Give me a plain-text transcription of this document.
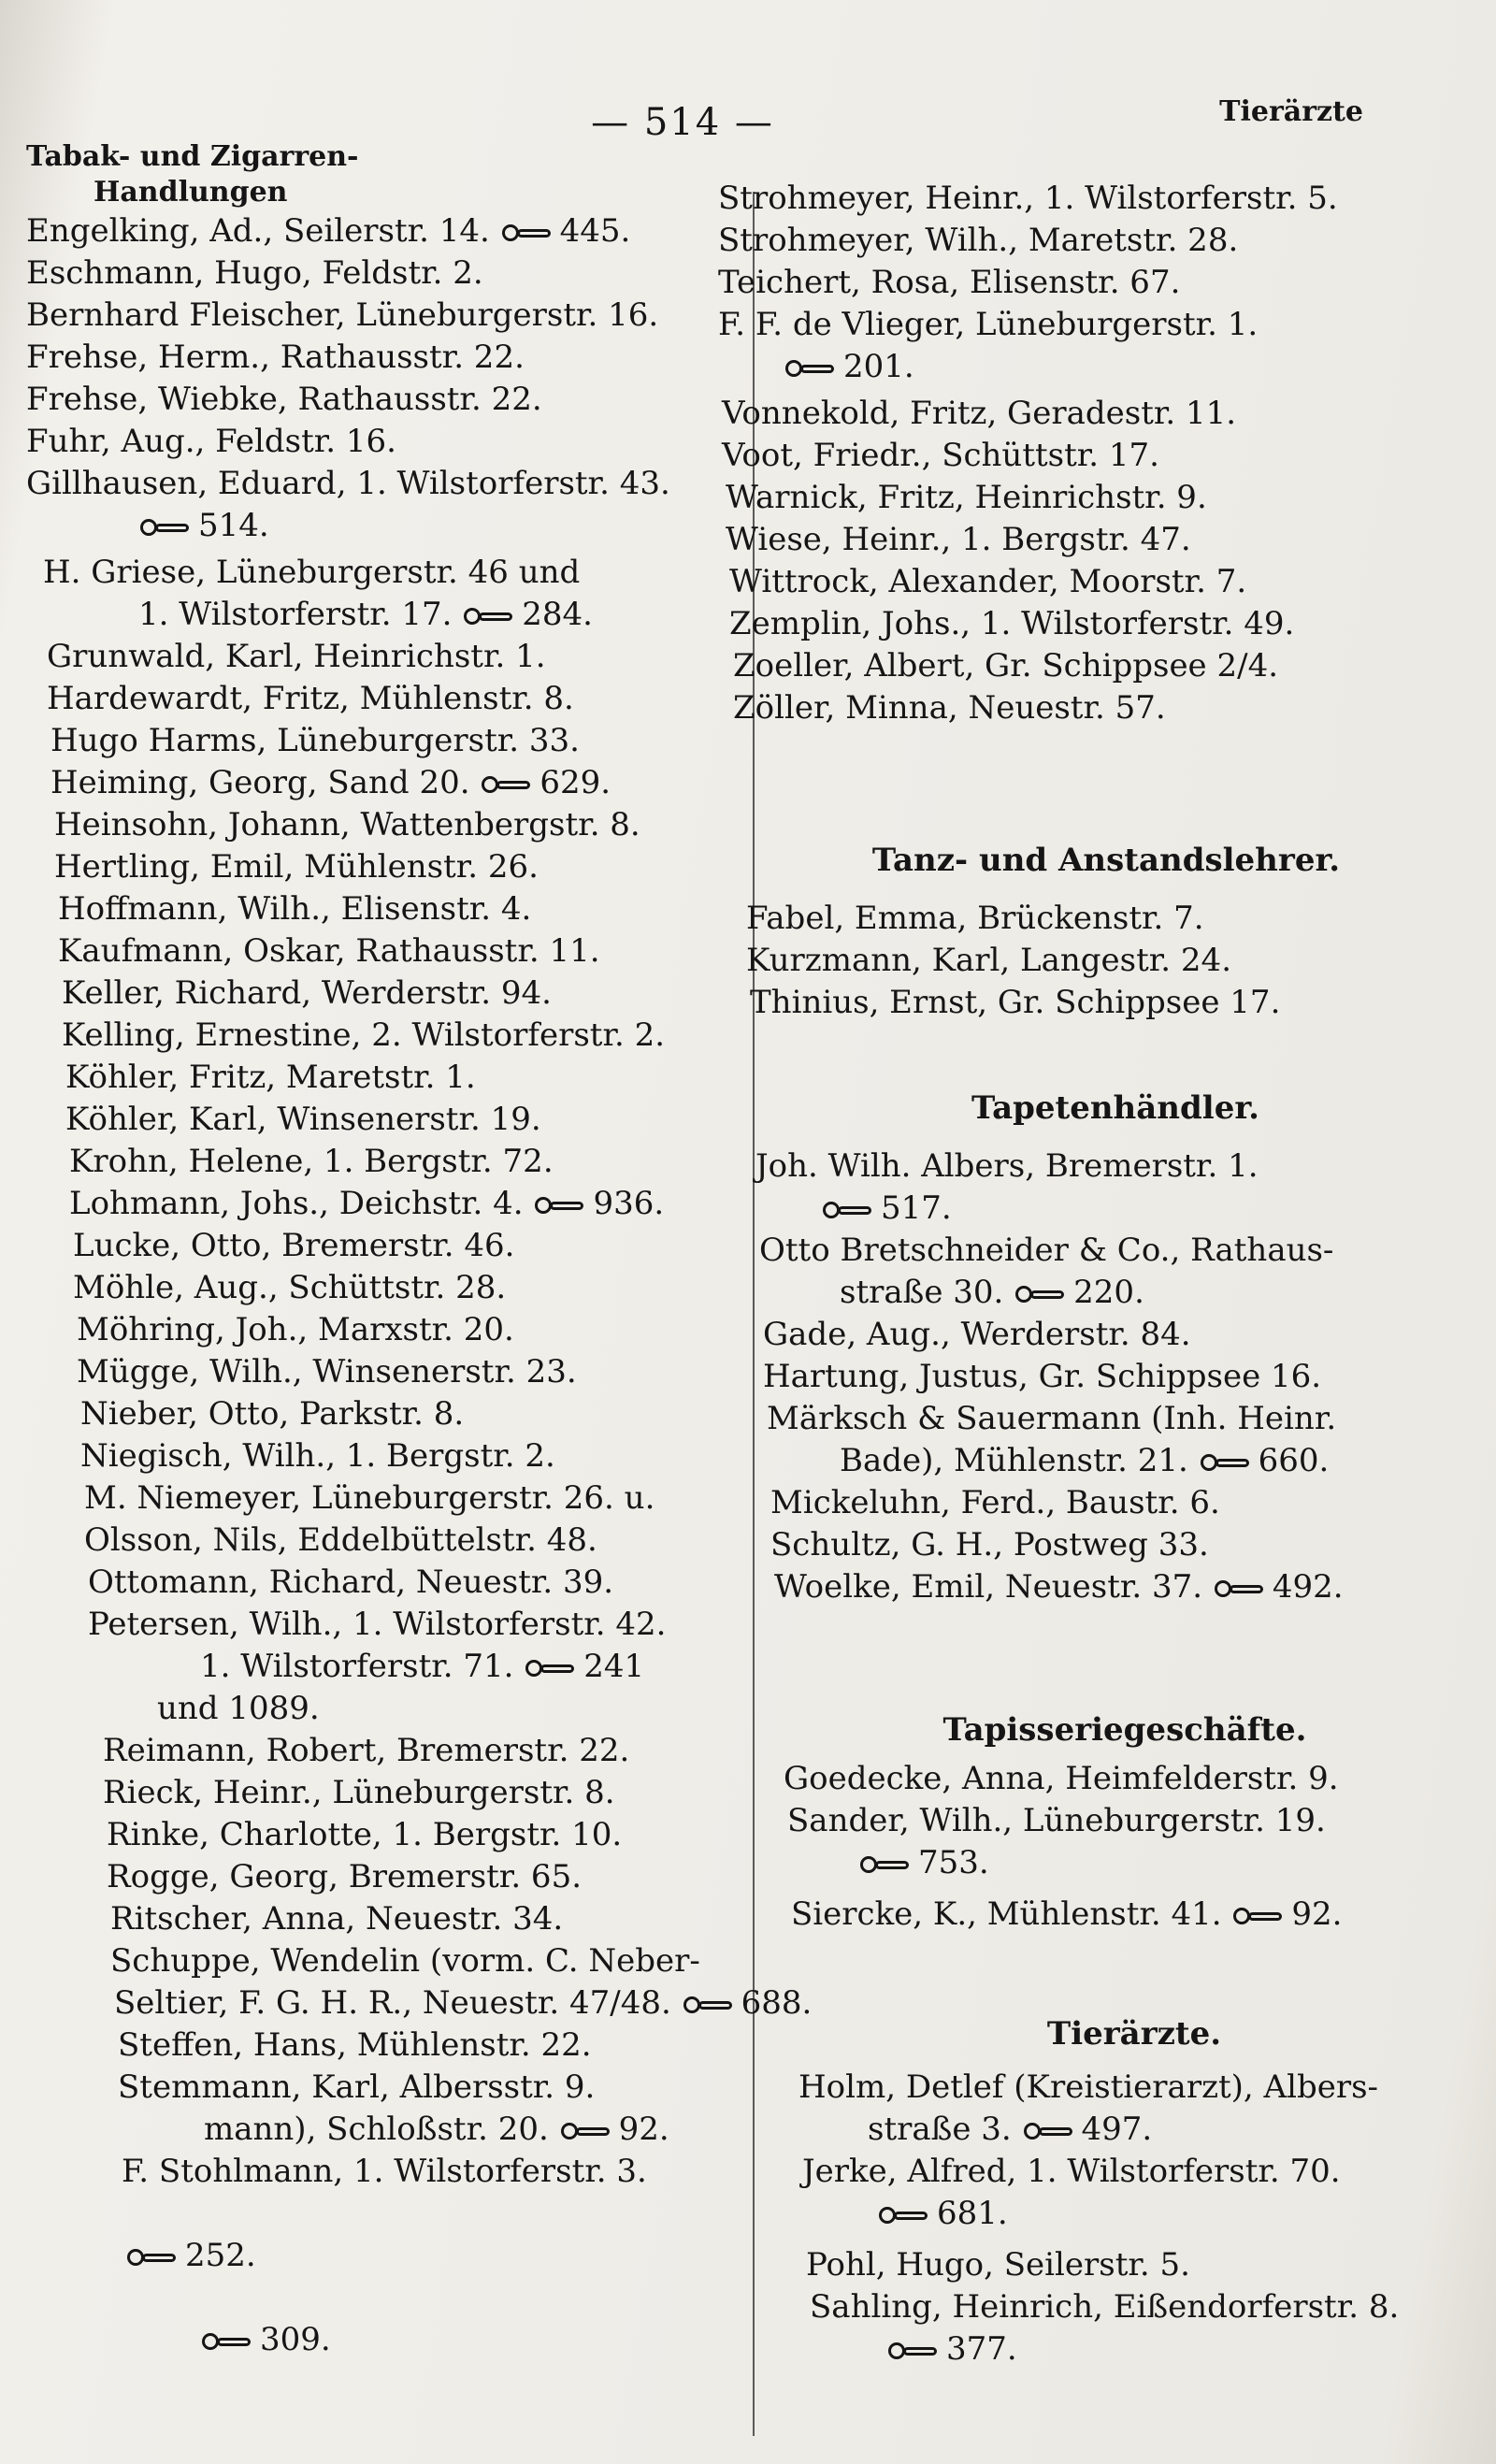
— 514 —	Tierärzte
Tabak- und Zigarren-
Handlungen
Engelking, Ad., Seilerstr. 14. 445.
Eschmann, Hugo, Feldstr. 2.
Bernhard Fleischer, Lüneburgerstr. 16.
Frehse, Herm., Rathausstr. 22.
Frehse, Wiebke, Rathausstr. 22.
Fuhr, Aug., Feldstr. 16.
Gillhausen, Eduard, 1. Wilstorferstr. 43.
514.
H. Griese, Lüneburgerstr. 46 und
1. Wilstorferstr. 17. 284.
Grunwald, Karl, Heinrichstr. 1.
Hardewardt, Fritz, Mühlenstr. 8.
Hugo Harms, Lüneburgerstr. 33.
Heiming, Georg, Sand 20. 629.
Heinsohn, Johann, Wattenbergstr. 8.
Hertling, Emil, Mühlenstr. 26.
Hoffmann, Wilh., Elisenstr. 4.
Kaufmann, Oskar, Rathausstr. 11.
Keller, Richard, Werderstr. 94.
Kelling, Ernestine, 2. Wilstorferstr. 2.
Köhler, Fritz, Maretstr. 1.
Köhler, Karl, Winsenerstr. 19.
Krohn, Helene, 1. Bergstr. 72.
Lohmann, Johs., Deichstr. 4. 936.
Lucke, Otto, Bremerstr. 46.
Möhle, Aug., Schüttstr. 28.
Möhring, Joh., Marxstr. 20.
Mügge, Wilh., Winsenerstr. 23.
Nieber, Otto, Parkstr. 8.
Niegisch, Wilh., 1. Bergstr. 2.
M. Niemeyer, Lüneburgerstr. 26. u.
Olsson, Nils, Eddelbüttelstr. 48.
Ottomann, Richard, Neuestr. 39.
Petersen, Wilh., 1. Wilstorferstr. 42.
1. Wilstorferstr. 71. 241
und 1089.
Reimann, Robert, Bremerstr. 22.
Rieck, Heinr., Lüneburgerstr. 8.
Rinke, Charlotte, 1. Bergstr. 10.
Rogge, Georg, Bremerstr. 65.
Ritscher, Anna, Neuestr. 34.
Schuppe, Wendelin (vorm. C. Neber-
Seltier, F. G. H. R., Neuestr. 47/48. 688.
Steffen, Hans, Mühlenstr. 22.
Stemmann, Karl, Albersstr. 9.
mann), Schloßstr. 20. 92.
F. Stohlmann, 1. Wilstorferstr. 3.
252.
309.
Strohmeyer, Heinr., 1. Wilstorferstr. 5.
Strohmeyer, Wilh., Maretstr. 28.
Teichert, Rosa, Elisenstr. 67.
F. F. de Vlieger, Lüneburgerstr. 1.
201.
Vonnekold, Fritz, Geradestr. 11.
Voot, Friedr., Schüttstr. 17.
Warnick, Fritz, Heinrichstr. 9.
Wiese, Heinr., 1. Bergstr. 47.
Wittrock, Alexander, Moorstr. 7.
Zemplin, Johs., 1. Wilstorferstr. 49.
Zoeller, Albert, Gr. Schippsee 2/4.
Zöller, Minna, Neuestr. 57.
Tanz- und Anstandslehrer.
Fabel, Emma, Brückenstr. 7.
Kurzmann, Karl, Langestr. 24.
Thinius, Ernst, Gr. Schippsee 17.
Tapetenhändler.
Joh. Wilh. Albers, Bremerstr. 1.
517.
Otto Bretschneider & Co., Rathaus-
straße 30. 220.
Gade, Aug., Werderstr. 84.
Hartung, Justus, Gr. Schippsee 16.
Märksch & Sauermann (Inh. Heinr.
Bade), Mühlenstr. 21. 660.
Mickeluhn, Ferd., Baustr. 6.
Schultz, G. H., Postweg 33.
Woelke, Emil, Neuestr. 37. 492.
Tapisseriegeschäfte.
Goedecke, Anna, Heimfelderstr. 9.
Sander, Wilh., Lüneburgerstr. 19.
753.
Siercke, K., Mühlenstr. 41. 92.
Tierärzte.
Holm, Detlef (Kreistierarzt), Albers-
straße 3. 497.
Jerke, Alfred, 1. Wilstorferstr. 70.
681.
Pohl, Hugo, Seilerstr. 5.
Sahling, Heinrich, Eißendorferstr. 8.
377.
